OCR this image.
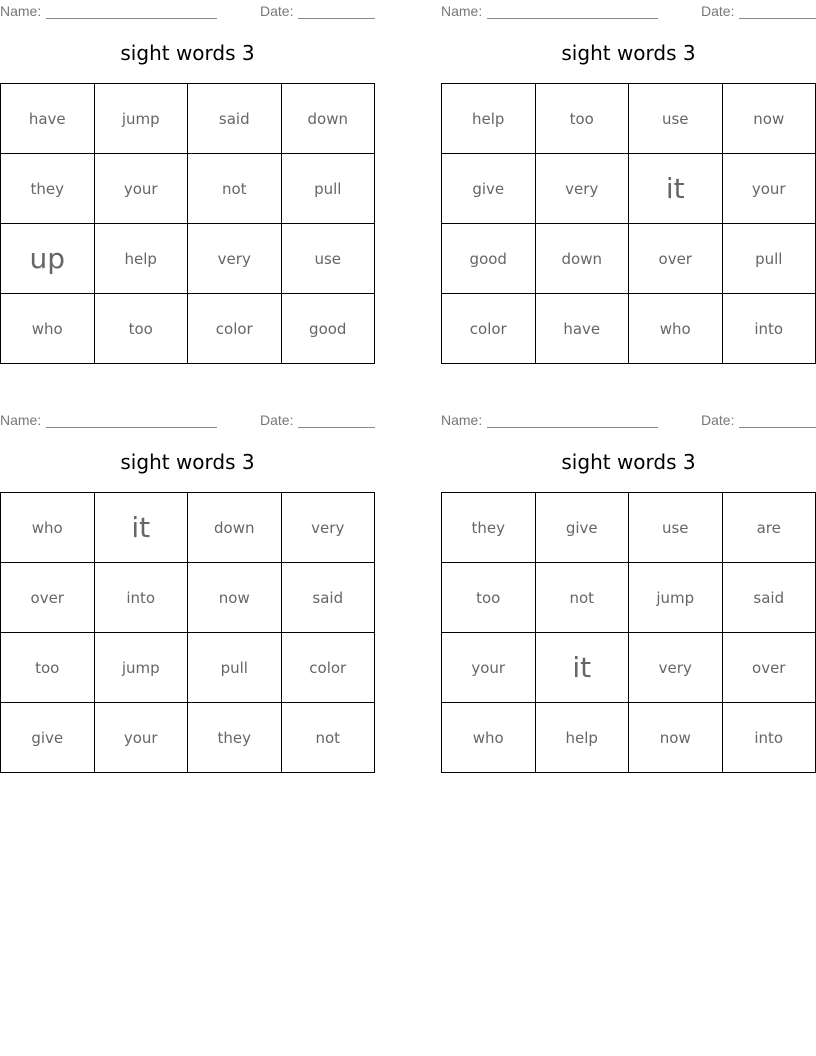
Name:	Date:
sight words 3
have	jump	said	down
they	your	not	pull
up	help	very	use
who	too	color	good
Name:	Date:
sight words 3
help	too	use	now
give	very	it	your
good	down	over	pull
color	have	who	into
Name:	Date:
sight words 3
who	it	down	very
over	into	now	said
too	jump	pull	color
give	your	they	not
Name:	Date:
sight words 3
they	give	use	are
too	not	jump	said
your	it	very	over
who	help	now	into
